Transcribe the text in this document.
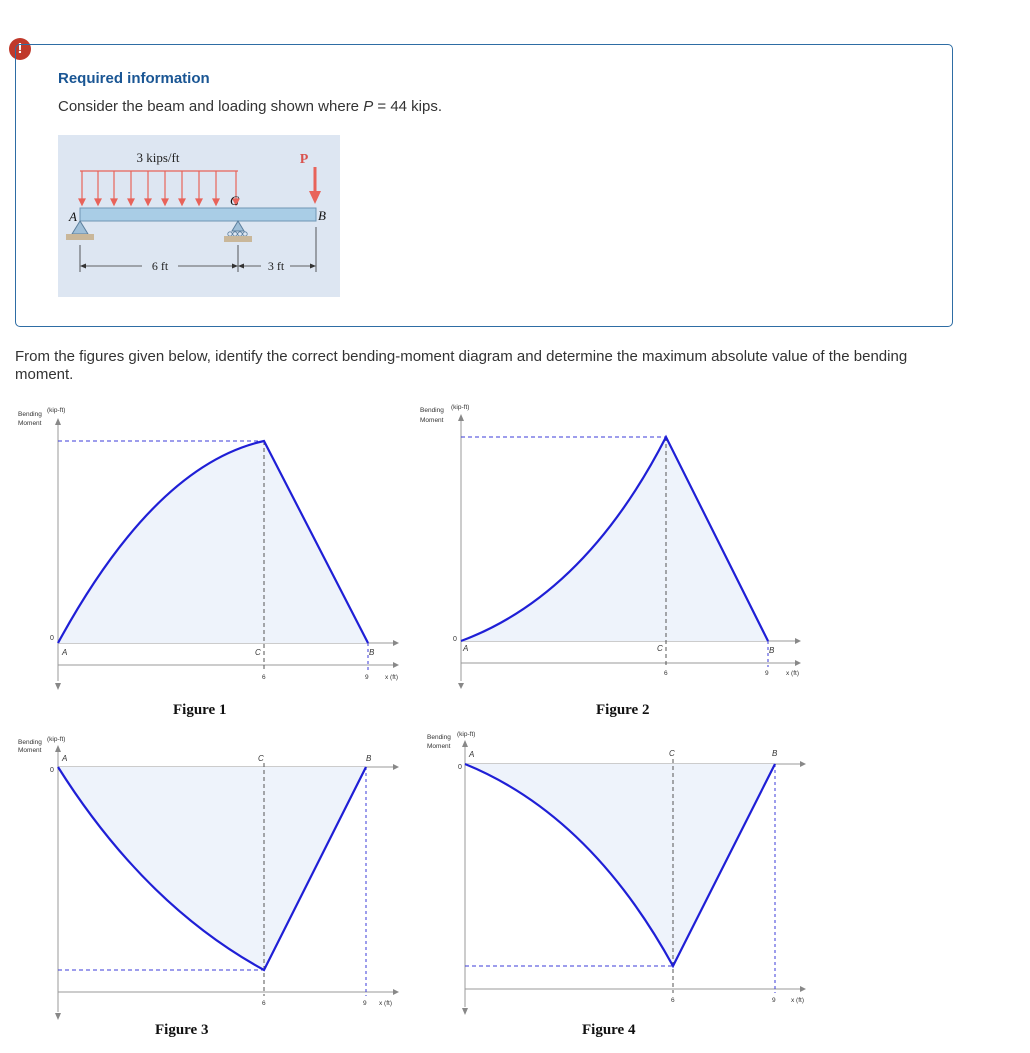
!
Required information
Consider the beam and loading shown where P = 44 kips.
3 kips/ft	P
A
C
B
6 ft	3 ft
From the figures given below, identify the correct bending-moment diagram and determine the maximum absolute value of the bending moment.
Bending
(kip-ft)
Moment
0
A	C	B
6	9	x (ft)
Figure 1
Bending (kip-ft)
Moment
0
A	C	B
6	9	x (ft)
Figure 2
Bending (kip-ft)
Moment
0
A	C	B
6	9 x (ft)
Figure 3
Bending (kip-ft)
Moment
0
A	C	B
6	9 x (ft)
Figure 4
